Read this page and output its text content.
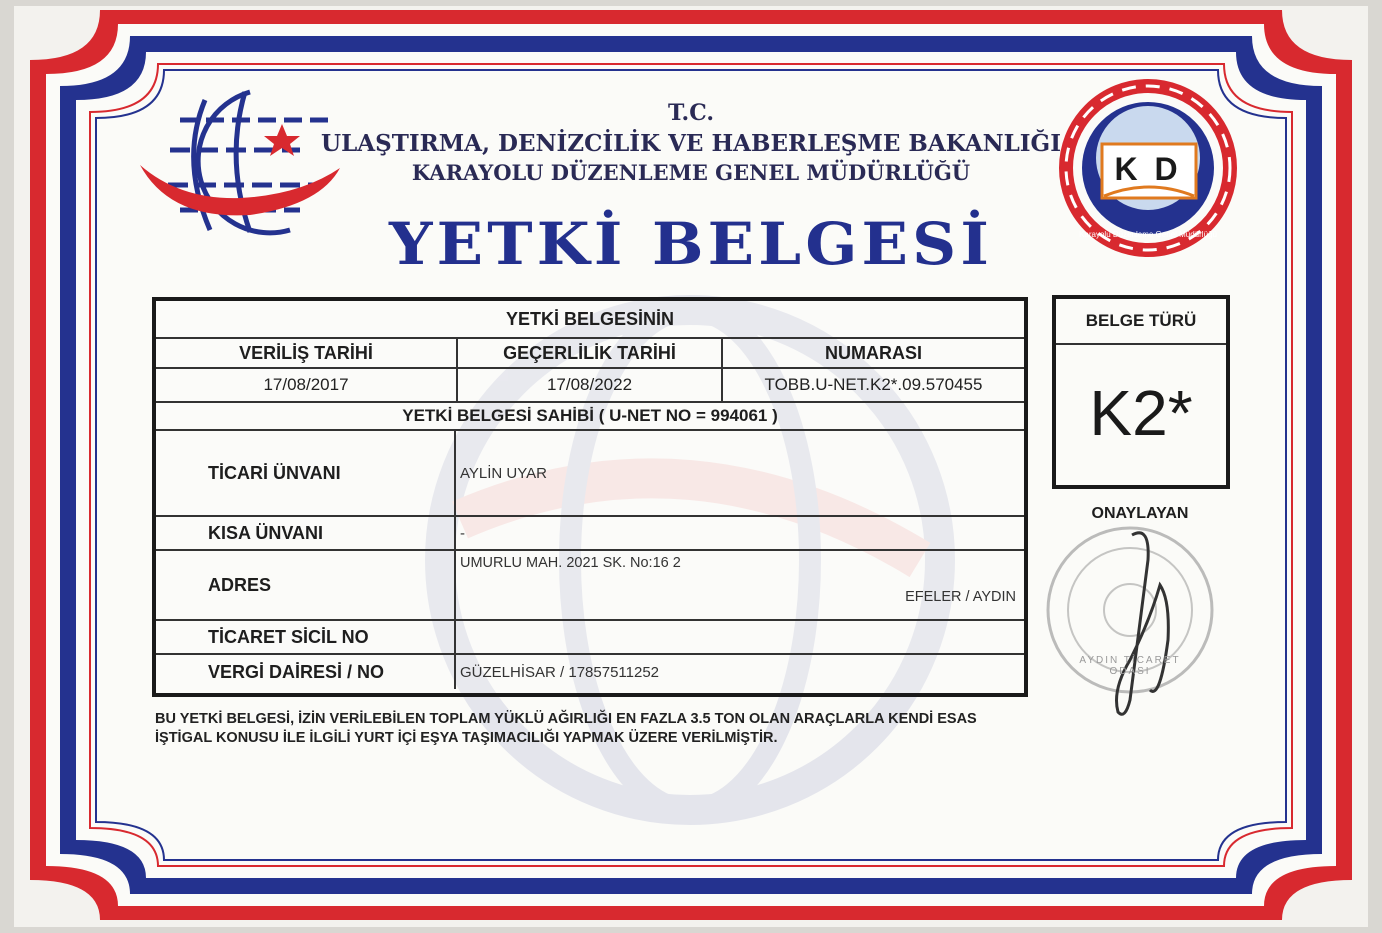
T.C.
ULAŞTIRMA, DENİZCİLİK VE HABERLEŞME BAKANLIĞI
KARAYOLU DÜZENLEME GENEL MÜDÜRLÜĞÜ
YETKİ BELGESİ
K D
Karayolu Düzenleme Genel Müdürlüğü
YETKİ BELGESİNİN
VERİLİŞ TARİHİ	GEÇERLİLİK TARİHİ	NUMARASI
17/08/2017	17/08/2022	TOBB.U-NET.K2*.09.570455
YETKİ BELGESİ SAHİBİ ( U-NET NO = 994061 )
TİCARİ ÜNVANI	AYLİN UYAR
KISA ÜNVANI	-
ADRES
UMURLU MAH. 2021 SK. No:16 2
EFELER / AYDIN
TİCARET SİCİL NO
VERGİ DAİRESİ / NO	GÜZELHİSAR / 17857511252
BELGE TÜRÜ
K2*
ONAYLAYAN
AYDIN TİCARET ODASI
BU YETKİ BELGESİ, İZİN VERİLEBİLEN TOPLAM YÜKLÜ AĞIRLIĞI EN FAZLA 3.5 TON OLAN ARAÇLARLA KENDİ ESAS İŞTİGAL KONUSU İLE İLGİLİ YURT İÇİ EŞYA TAŞIMACILIĞI YAPMAK ÜZERE VERİLMİŞTİR.
